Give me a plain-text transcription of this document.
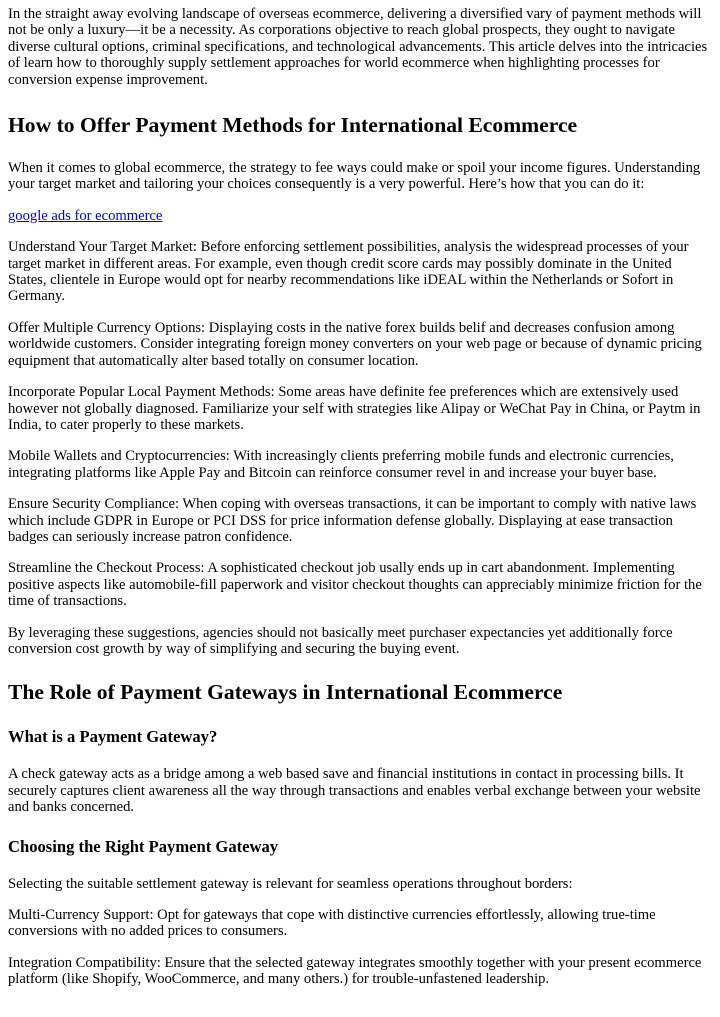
In the straight away evolving landscape of overseas ecommerce, delivering a diversified vary of payment methods will not be only a luxury—it be a necessity. As corporations objective to reach global prospects, they ought to navigate diverse cultural options, criminal specifications, and technological advancements. This article delves into the intricacies of learn how to thoroughly supply settlement approaches for world ecommerce when highlighting processes for conversion expense improvement.

How to Offer Payment Methods for International Ecommerce

When it comes to global ecommerce, the strategy to fee ways could make or spoil your income figures. Understanding your target market and tailoring your choices consequently is a very powerful. Here’s how that you can do it:

google ads for ecommerce

Understand Your Target Market: Before enforcing settlement possibilities, analysis the widespread processes of your target market in different areas. For example, even though credit score cards may possibly dominate in the United States, clientele in Europe would opt for nearby recommendations like iDEAL within the Netherlands or Sofort in Germany.

Offer Multiple Currency Options: Displaying costs in the native forex builds belif and decreases confusion among worldwide customers. Consider integrating foreign money converters on your web page or because of dynamic pricing equipment that automatically alter based totally on consumer location.

Incorporate Popular Local Payment Methods: Some areas have definite fee preferences which are extensively used however not globally diagnosed. Familiarize your self with strategies like Alipay or WeChat Pay in China, or Paytm in India, to cater properly to these markets.

Mobile Wallets and Cryptocurrencies: With increasingly clients preferring mobile funds and electronic currencies, integrating platforms like Apple Pay and Bitcoin can reinforce consumer revel in and increase your buyer base.

Ensure Security Compliance: When coping with overseas transactions, it can be important to comply with native laws which include GDPR in Europe or PCI DSS for price information defense globally. Displaying at ease transaction badges can seriously increase patron confidence.

Streamline the Checkout Process: A sophisticated checkout job usally ends up in cart abandonment. Implementing positive aspects like automobile-fill paperwork and visitor checkout thoughts can appreciably minimize friction for the time of transactions.

By leveraging these suggestions, agencies should not basically meet purchaser expectancies yet additionally force conversion cost growth by way of simplifying and securing the buying event.

The Role of Payment Gateways in International Ecommerce
What is a Payment Gateway?

A check gateway acts as a bridge among a web based save and financial institutions in contact in processing bills. It securely captures client awareness all the way through transactions and enables verbal exchange between your website and banks concerned.

Choosing the Right Payment Gateway

Selecting the suitable settlement gateway is relevant for seamless operations throughout borders:

Multi-Currency Support: Opt for gateways that cope with distinctive currencies effortlessly, allowing true-time conversions with no added prices to consumers.

Integration Compatibility: Ensure that the selected gateway integrates smoothly together with your present ecommerce platform (like Shopify, WooCommerce, and many others.) for trouble-unfastened leadership.
